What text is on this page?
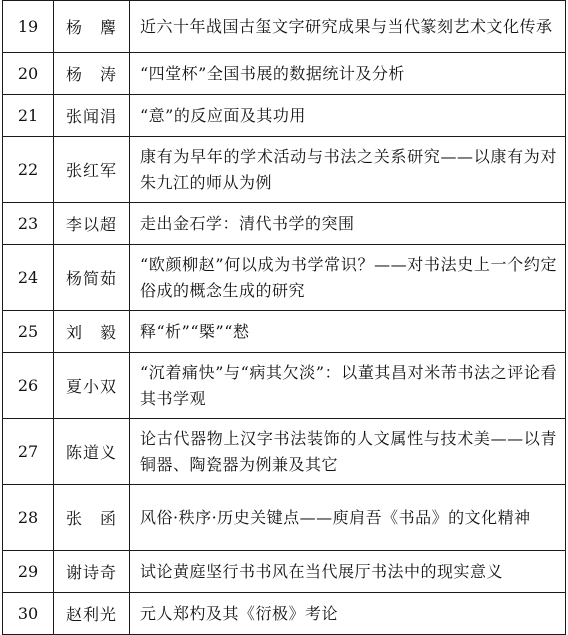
19	杨　麐	近六十年战国古玺文字研究成果与当代篆刻艺术文化传承
20	杨　涛	“四堂杯”全国书展的数据统计及分析
21	张闻涓	“意”的反应面及其功用
22	张红军	康有为早年的学术活动与书法之关系研究——以康有为对朱九江的师从为例
23	李以超	走出金石学：清代书学的突围
24	杨简茹	“欧颜柳赵”何以成为书学常识？——对书法史上一个约定俗成的概念生成的研究
25	刘　毅	释“析”“槩”“慭
26	夏小双	“沉着痛快”与“病其欠淡”：以董其昌对米芾书法之评论看其书学观
27	陈道义	论古代器物上汉字书法装饰的人文属性与技术美——以青铜器、陶瓷器为例兼及其它
28	张　函	风俗·秩序·历史关键点——庾肩吾《书品》的文化精神
29	谢诗奇	试论黄庭坚行书书风在当代展厅书法中的现实意义
30	赵利光	元人郑杓及其《衍极》考论
